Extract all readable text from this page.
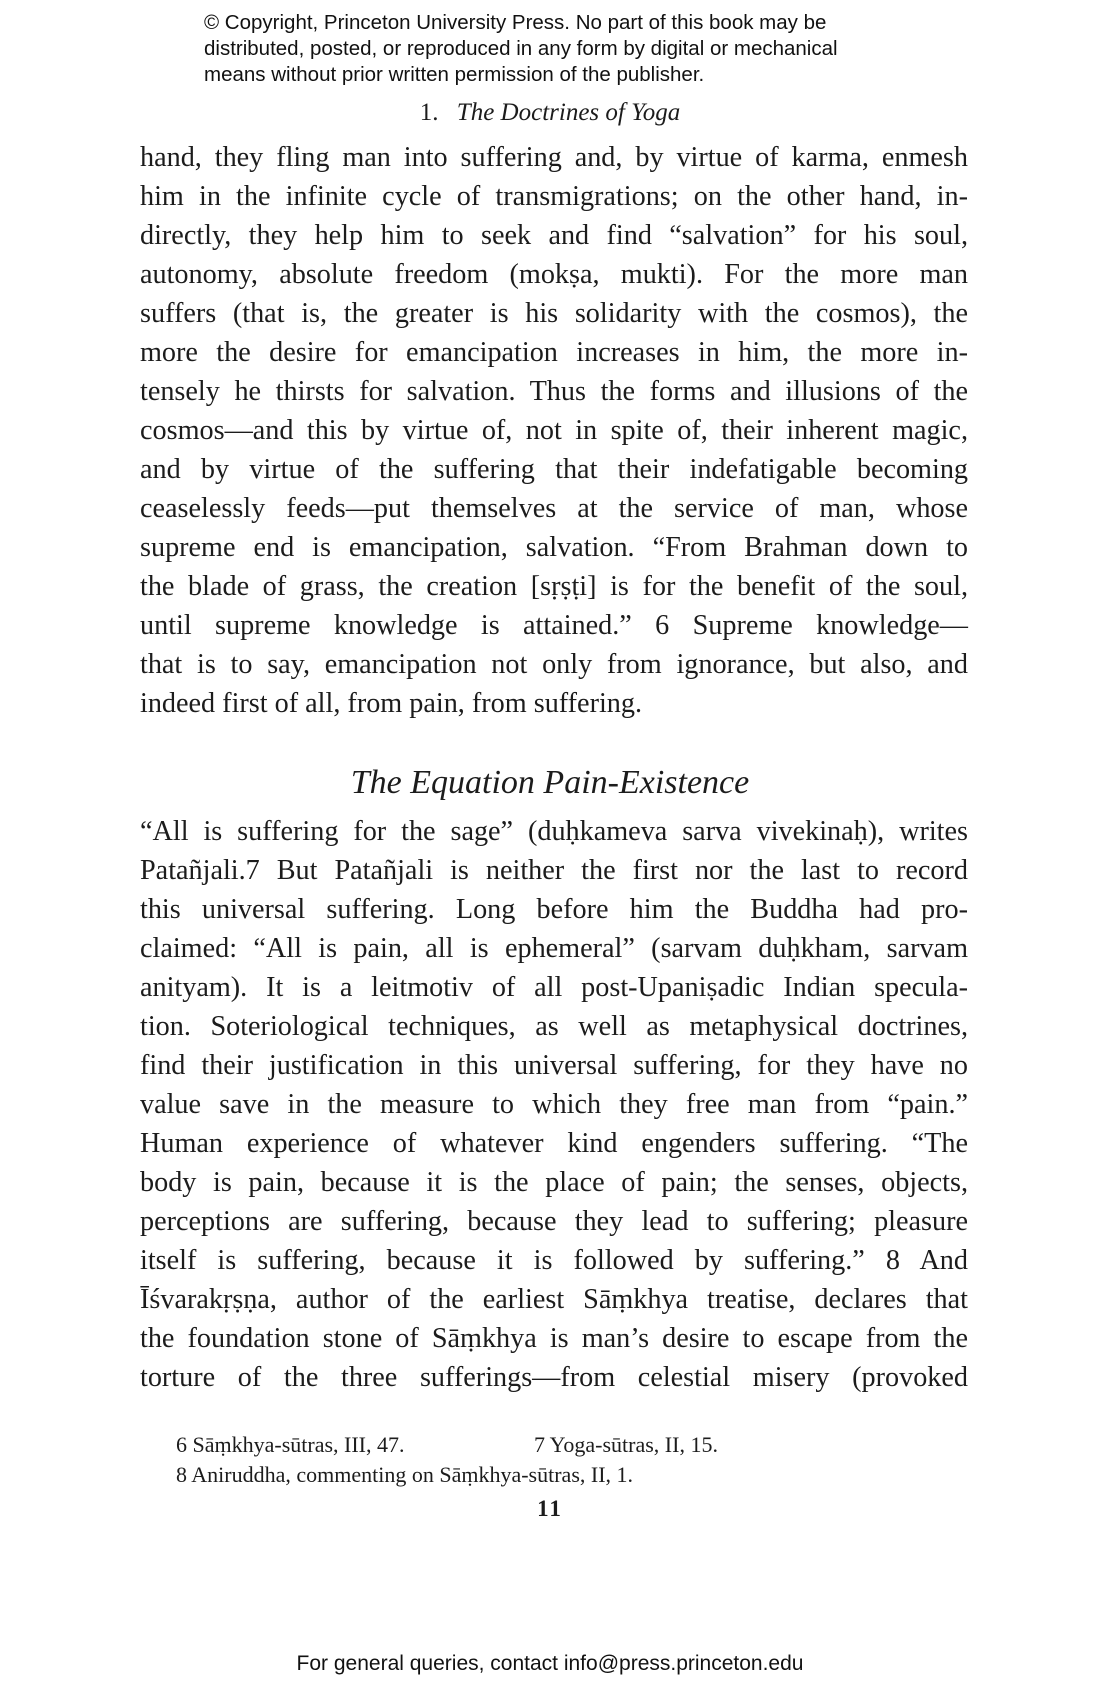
© Copyright, Princeton University Press. No part of this book may be
distributed, posted, or reproduced in any form by digital or mechanical
means without prior written permission of the publisher.
1. The Doctrines of Yoga
hand, they fling man into suffering and, by virtue of karma, enmesh
him in the infinite cycle of transmigrations; on the other hand, in-
directly, they help him to seek and find “salvation” for his soul,
autonomy, absolute freedom (mokṣa, mukti). For the more man
suffers (that is, the greater is his solidarity with the cosmos), the
more the desire for emancipation increases in him, the more in-
tensely he thirsts for salvation. Thus the forms and illusions of the
cosmos—and this by virtue of, not in spite of, their inherent magic,
and by virtue of the suffering that their indefatigable becoming
ceaselessly feeds—put themselves at the service of man, whose
supreme end is emancipation, salvation. “From Brahman down to
the blade of grass, the creation [sṛṣṭi] is for the benefit of the soul,
until supreme knowledge is attained.” 6 Supreme knowledge—
that is to say, emancipation not only from ignorance, but also, and
indeed first of all, from pain, from suffering.
The Equation Pain-Existence
“All is suffering for the sage” (duḥkameva sarva vivekinaḥ), writes
Patañjali.7 But Patañjali is neither the first nor the last to record
this universal suffering. Long before him the Buddha had pro-
claimed: “All is pain, all is ephemeral” (sarvam duḥkham, sarvam
anityam). It is a leitmotiv of all post-Upaniṣadic Indian specula-
tion. Soteriological techniques, as well as metaphysical doctrines,
find their justification in this universal suffering, for they have no
value save in the measure to which they free man from “pain.”
Human experience of whatever kind engenders suffering. “The
body is pain, because it is the place of pain; the senses, objects,
perceptions are suffering, because they lead to suffering; pleasure
itself is suffering, because it is followed by suffering.” 8 And
Īśvarakṛṣṇa, author of the earliest Sāṃkhya treatise, declares that
the foundation stone of Sāṃkhya is man’s desire to escape from the
torture of the three sufferings—from celestial misery (provoked
6 Sāṃkhya-sūtras, III, 47.	7 Yoga-sūtras, II, 15.
8 Aniruddha, commenting on Sāṃkhya-sūtras, II, 1.
11
For general queries, contact info@press.princeton.edu
